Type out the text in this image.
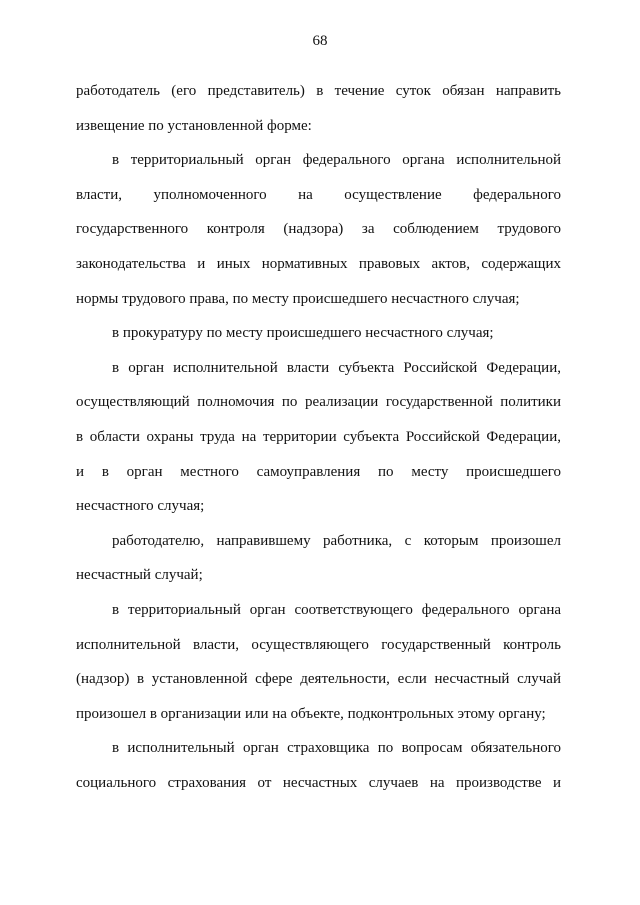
68

работодатель (его представитель) в течение суток обязан направить
извещение по установленной форме:

в территориальный орган федерального органа исполнительной
власти, уполномоченного на осуществление федерального
государственного контроля (надзора) за соблюдением трудового
законодательства и иных нормативных правовых актов, содержащих
нормы трудового права, по месту происшедшего несчастного случая;

в прокуратуру по месту происшедшего несчастного случая;

в орган исполнительной власти субъекта Российской Федерации,
осуществляющий полномочия по реализации государственной политики
в области охраны труда на территории субъекта Российской Федерации,
и в орган местного самоуправления по месту происшедшего
несчастного случая;

работодателю, направившему работника, с которым произошел
несчастный случай;

в территориальный орган соответствующего федерального органа
исполнительной власти, осуществляющего государственный контроль
(надзор) в установленной сфере деятельности, если несчастный случай
произошел в организации или на объекте, подконтрольных этому органу;

в исполнительный орган страховщика по вопросам обязательного
социального страхования от несчастных случаев на производстве и
